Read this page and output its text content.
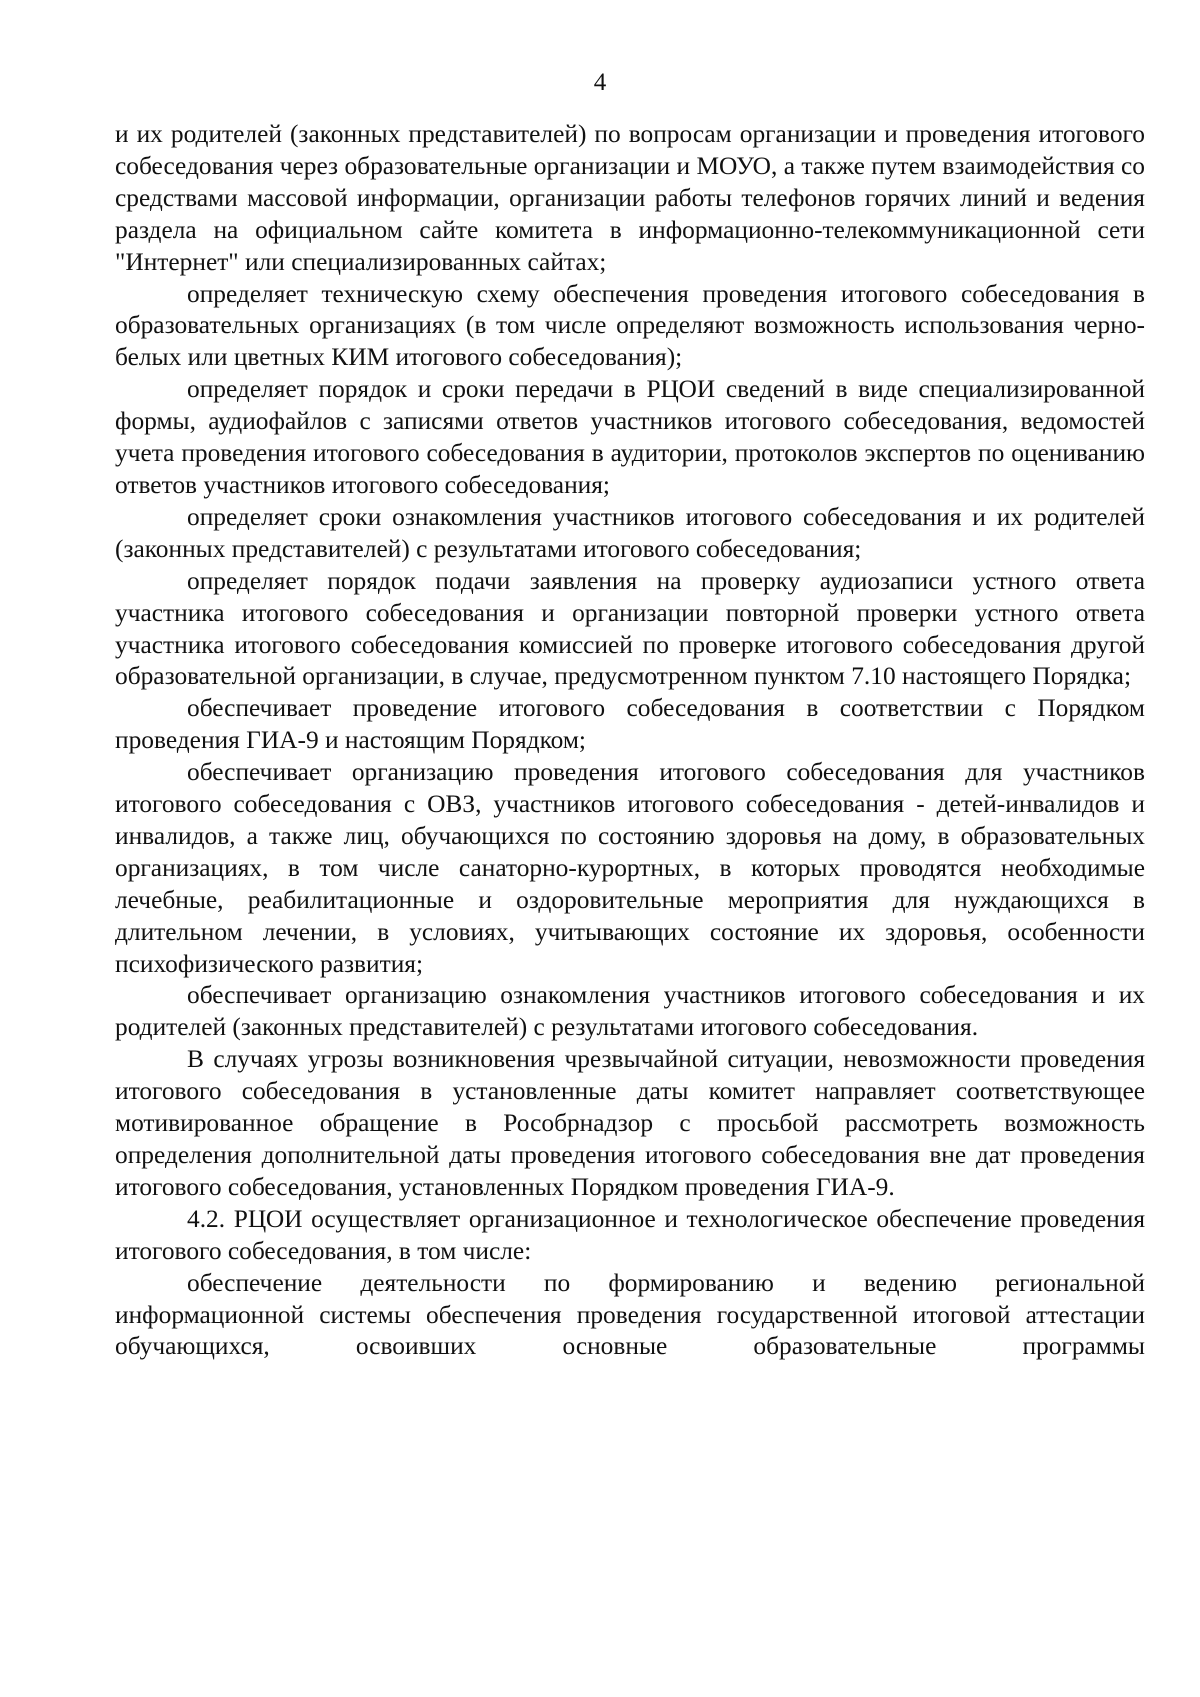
4

и их родителей (законных представителей) по вопросам организации и проведения итогового собеседования через образовательные организации и МОУО, а также путем взаимодействия со средствами массовой информации, организации работы телефонов горячих линий и ведения раздела на официальном сайте комитета в информационно-телекоммуникационной сети "Интернет" или специализированных сайтах;

определяет техническую схему обеспечения проведения итогового собеседования в образовательных организациях (в том числе определяют возможность использования черно-белых или цветных КИМ итогового собеседования);

определяет порядок и сроки передачи в РЦОИ сведений в виде специализированной формы, аудиофайлов с записями ответов участников итогового собеседования, ведомостей учета проведения итогового собеседования в аудитории, протоколов экспертов по оцениванию ответов участников итогового собеседования;

определяет сроки ознакомления участников итогового собеседования и их родителей (законных представителей) с результатами итогового собеседования;

определяет порядок подачи заявления на проверку аудиозаписи устного ответа участника итогового собеседования и организации повторной проверки устного ответа участника итогового собеседования комиссией по проверке итогового собеседования другой образовательной организации, в случае, предусмотренном пунктом 7.10 настоящего Порядка;

обеспечивает проведение итогового собеседования в соответствии с Порядком проведения ГИА-9 и настоящим Порядком;

обеспечивает организацию проведения итогового собеседования для участников итогового собеседования с ОВЗ, участников итогового собеседования - детей-инвалидов и инвалидов, а также лиц, обучающихся по состоянию здоровья на дому, в образовательных организациях, в том числе санаторно-курортных, в которых проводятся необходимые лечебные, реабилитационные и оздоровительные мероприятия для нуждающихся в длительном лечении, в условиях, учитывающих состояние их здоровья, особенности психофизического развития;

обеспечивает организацию ознакомления участников итогового собеседования и их родителей (законных представителей) с результатами итогового собеседования.

В случаях угрозы возникновения чрезвычайной ситуации, невозможности проведения итогового собеседования в установленные даты комитет направляет соответствующее мотивированное обращение в Рособрнадзор с просьбой рассмотреть возможность определения дополнительной даты проведения итогового собеседования вне дат проведения итогового собеседования, установленных Порядком проведения ГИА-9.

4.2. РЦОИ осуществляет организационное и технологическое обеспечение проведения итогового собеседования, в том числе:

обеспечение деятельности по формированию и ведению региональной информационной системы обеспечения проведения государственной итоговой аттестации обучающихся, освоивших основные образовательные программы
